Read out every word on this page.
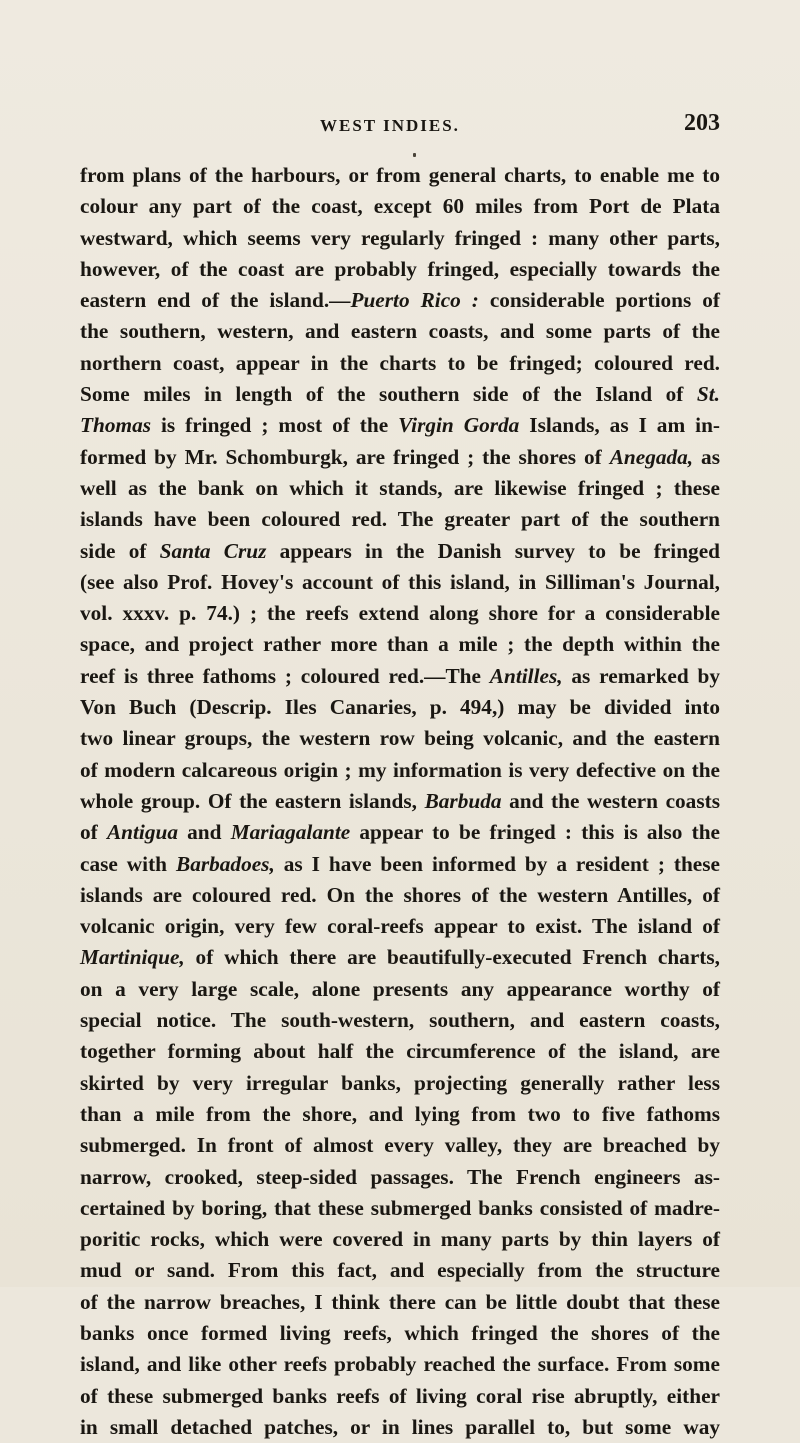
WEST INDIES.	203
from plans of the harbours, or from general charts, to enable me to
colour any part of the coast, except 60 miles from Port de Plata
westward, which seems very regularly fringed : many other parts,
however, of the coast are probably fringed, especially towards the
eastern end of the island.—Puerto Rico : considerable portions of
the southern, western, and eastern coasts, and some parts of the
northern coast, appear in the charts to be fringed; coloured red.
Some miles in length of the southern side of the Island of St.
Thomas is fringed ; most of the Virgin Gorda Islands, as I am in-
formed by Mr. Schomburgk, are fringed ; the shores of Anegada, as
well as the bank on which it stands, are likewise fringed ; these
islands have been coloured red. The greater part of the southern
side of Santa Cruz appears in the Danish survey to be fringed
(see also Prof. Hovey's account of this island, in Silliman's Journal,
vol. xxxv. p. 74.) ; the reefs extend along shore for a considerable
space, and project rather more than a mile ; the depth within the
reef is three fathoms ; coloured red.—The Antilles, as remarked by
Von Buch (Descrip. Iles Canaries, p. 494,) may be divided into
two linear groups, the western row being volcanic, and the eastern
of modern calcareous origin ; my information is very defective on the
whole group. Of the eastern islands, Barbuda and the western coasts
of Antigua and Mariagalante appear to be fringed : this is also the
case with Barbadoes, as I have been informed by a resident ; these
islands are coloured red. On the shores of the western Antilles, of
volcanic origin, very few coral-reefs appear to exist. The island of
Martinique, of which there are beautifully-executed French charts,
on a very large scale, alone presents any appearance worthy of
special notice. The south-western, southern, and eastern coasts,
together forming about half the circumference of the island, are
skirted by very irregular banks, projecting generally rather less
than a mile from the shore, and lying from two to five fathoms
submerged. In front of almost every valley, they are breached by
narrow, crooked, steep-sided passages. The French engineers as-
certained by boring, that these submerged banks consisted of madre-
poritic rocks, which were covered in many parts by thin layers of
mud or sand. From this fact, and especially from the structure
of the narrow breaches, I think there can be little doubt that these
banks once formed living reefs, which fringed the shores of the
island, and like other reefs probably reached the surface. From some
of these submerged banks reefs of living coral rise abruptly, either
in small detached patches, or in lines parallel to, but some way
